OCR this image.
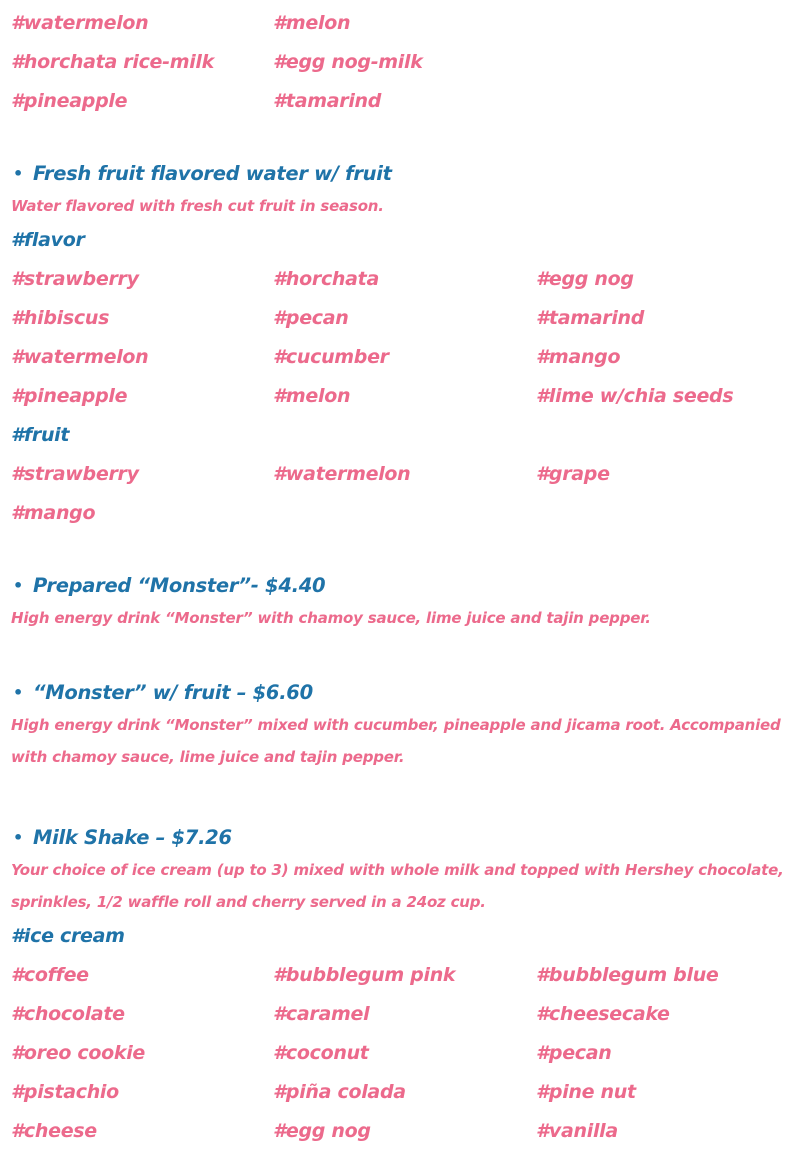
#watermelon	#melon
#horchata rice-milk	#egg nog-milk
#pineapple	#tamarind
• Fresh fruit flavored water w/ fruit
Water flavored with fresh cut fruit in season.
#flavor
#strawberry	#horchata	#egg nog
#hibiscus	#pecan	#tamarind
#watermelon	#cucumber	#mango
#pineapple	#melon	#lime w/chia seeds
#fruit
#strawberry	#watermelon	#grape
#mango
• Prepared “Monster”- $4.40
High energy drink “Monster” with chamoy sauce, lime juice and tajin pepper.
• “Monster” w/ fruit – $6.60
High energy drink “Monster” mixed with cucumber, pineapple and jicama root. Accompanied with chamoy sauce, lime juice and tajin pepper.
• Milk Shake – $7.26
Your choice of ice cream (up to 3) mixed with whole milk and topped with Hershey chocolate, sprinkles, 1/2 waffle roll and cherry served in a 24oz cup.
#ice cream
#coffee	#bubblegum pink	#bubblegum blue
#chocolate	#caramel	#cheesecake
#oreo cookie	#coconut	#pecan
#pistachio	#piña colada	#pine nut
#cheese	#egg nog	#vanilla
